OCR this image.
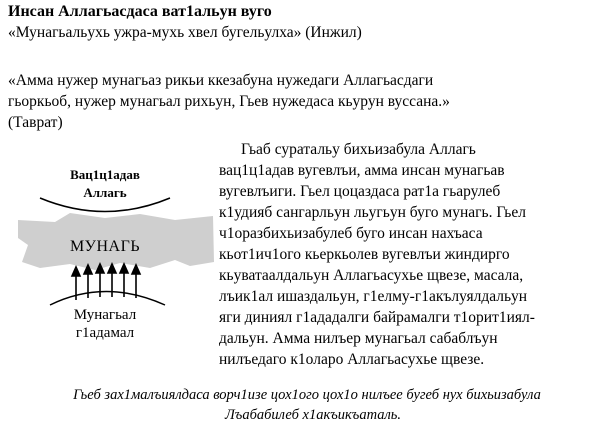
Инсан Аллагьасдаса ват1альун вуго
«Мунагьальухь ужра-мухь хвел бугельулха» (Инжил)
«Амма нужер мунагьаз рикьи ккезабуна нужедаги Аллагьасдаги
гьоркьоб, нужер мунагьал рихьун, Гьев нужедаса кьурун вуссана.»
(Таврат)
Вац1ц1адав
Аллагь
МУНАГЬ
Мунагьал
г1адамал
Гьаб суратальу бихьизабула Аллагь
вац1ц1адав вугевлъи, амма инсан мунагьав
вугевлъиги. Гьел цоцаздаса рат1а гьарулеб
к1удияб сангарльун льугьун буго мунагь. Гьел
ч1оразбихьизабулеб буго инсан нахъаса
кьот1ич1ого кьеркьолев вугевлъи жиндирго
кьуватаалдальун Аллагьасухье щвезе, масала,
лъик1ал ишаздальун, г1елму-г1акълуялдальун
яги диниял г1ададалги байрамалги т1орит1иял-
дальун. Амма нилъер мунагьал сабаблъун
нилъедаго к1оларо Аллагьасухье щвезе.
Гьеб зах1малъиялдаса ворч1изе цох1ого цох1о нилъее бугеб нух бихьизабула
Лъабабилеб х1акъикъаталь.
